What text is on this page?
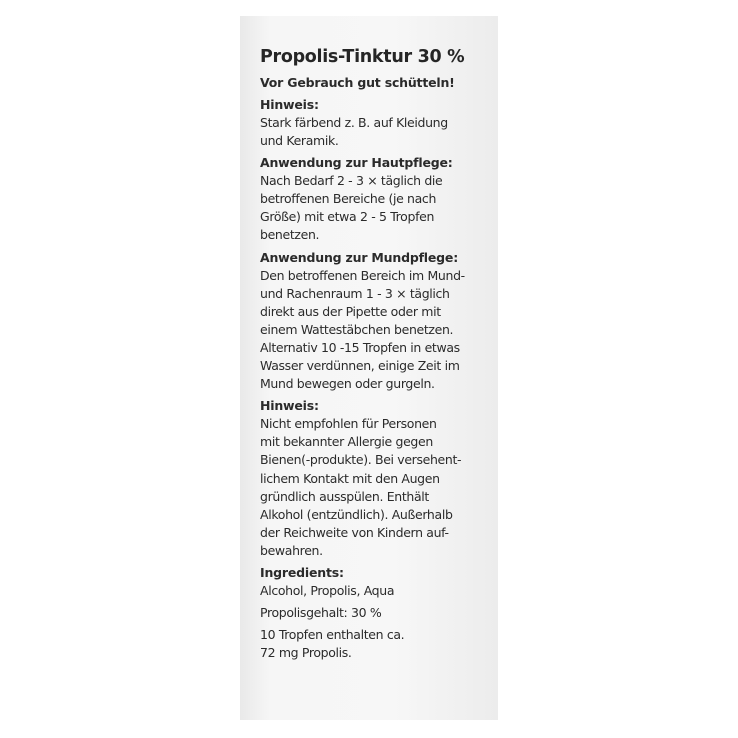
Propolis-Tinktur 30 %
Vor Gebrauch gut schütteln!
Hinweis:
Stark färbend z. B. auf Kleidung
und Keramik.
Anwendung zur Hautpflege:
Nach Bedarf 2 - 3 × täglich die
betroffenen Bereiche (je nach
Größe) mit etwa 2 - 5 Tropfen
benetzen.
Anwendung zur Mundpflege:
Den betroffenen Bereich im Mund-
und Rachenraum 1 - 3 × täglich
direkt aus der Pipette oder mit
einem Wattestäbchen benetzen.
Alternativ 10 -15 Tropfen in etwas
Wasser verdünnen, einige Zeit im
Mund bewegen oder gurgeln.
Hinweis:
Nicht empfohlen für Personen
mit bekannter Allergie gegen
Bienen(-produkte). Bei versehent-
lichem Kontakt mit den Augen
gründlich ausspülen. Enthält
Alkohol (entzündlich). Außerhalb
der Reichweite von Kindern auf-
bewahren.
Ingredients:
Alcohol, Propolis, Aqua
Propolisgehalt: 30 %
10 Tropfen enthalten ca.
72 mg Propolis.
